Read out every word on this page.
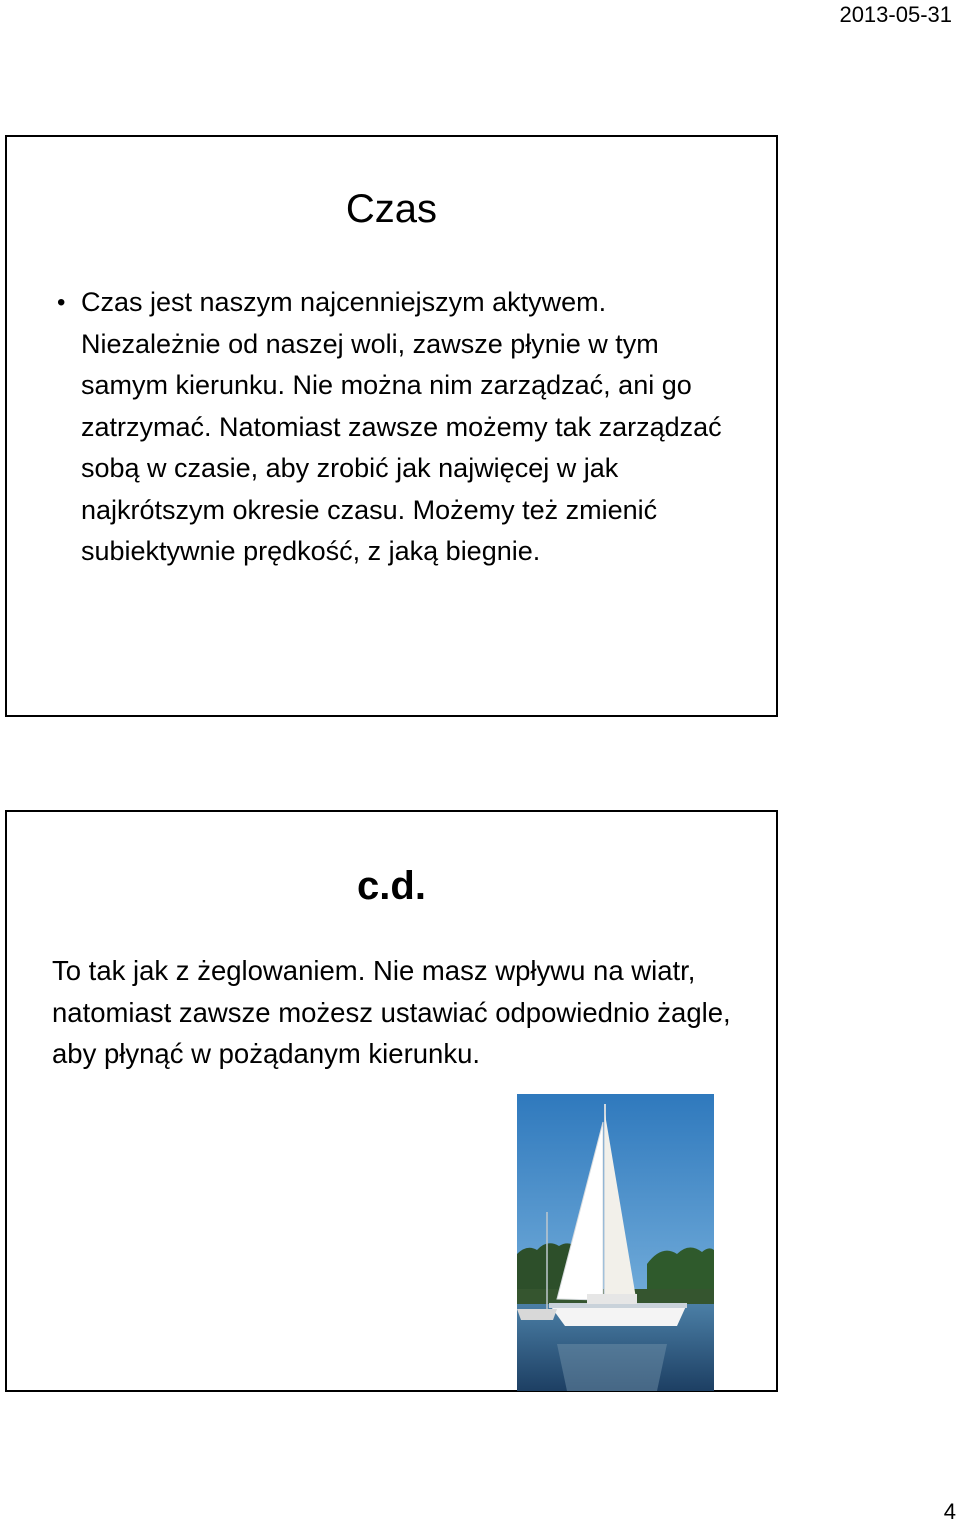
2013-05-31
Czas
• Czas jest naszym najcenniejszym aktywem. Niezależnie od naszej woli, zawsze płynie w tym samym kierunku. Nie można nim zarządzać, ani go zatrzymać. Natomiast zawsze możemy tak zarządzać sobą w czasie, aby zrobić jak najwięcej w jak najkrótszym okresie czasu. Możemy też zmienić subiektywnie prędkość, z jaką biegnie.
c.d.

To tak jak z żeglowaniem. Nie masz wpływu na wiatr, natomiast zawsze możesz ustawiać odpowiednio żagle, aby płynąć w pożądanym kierunku.

4
